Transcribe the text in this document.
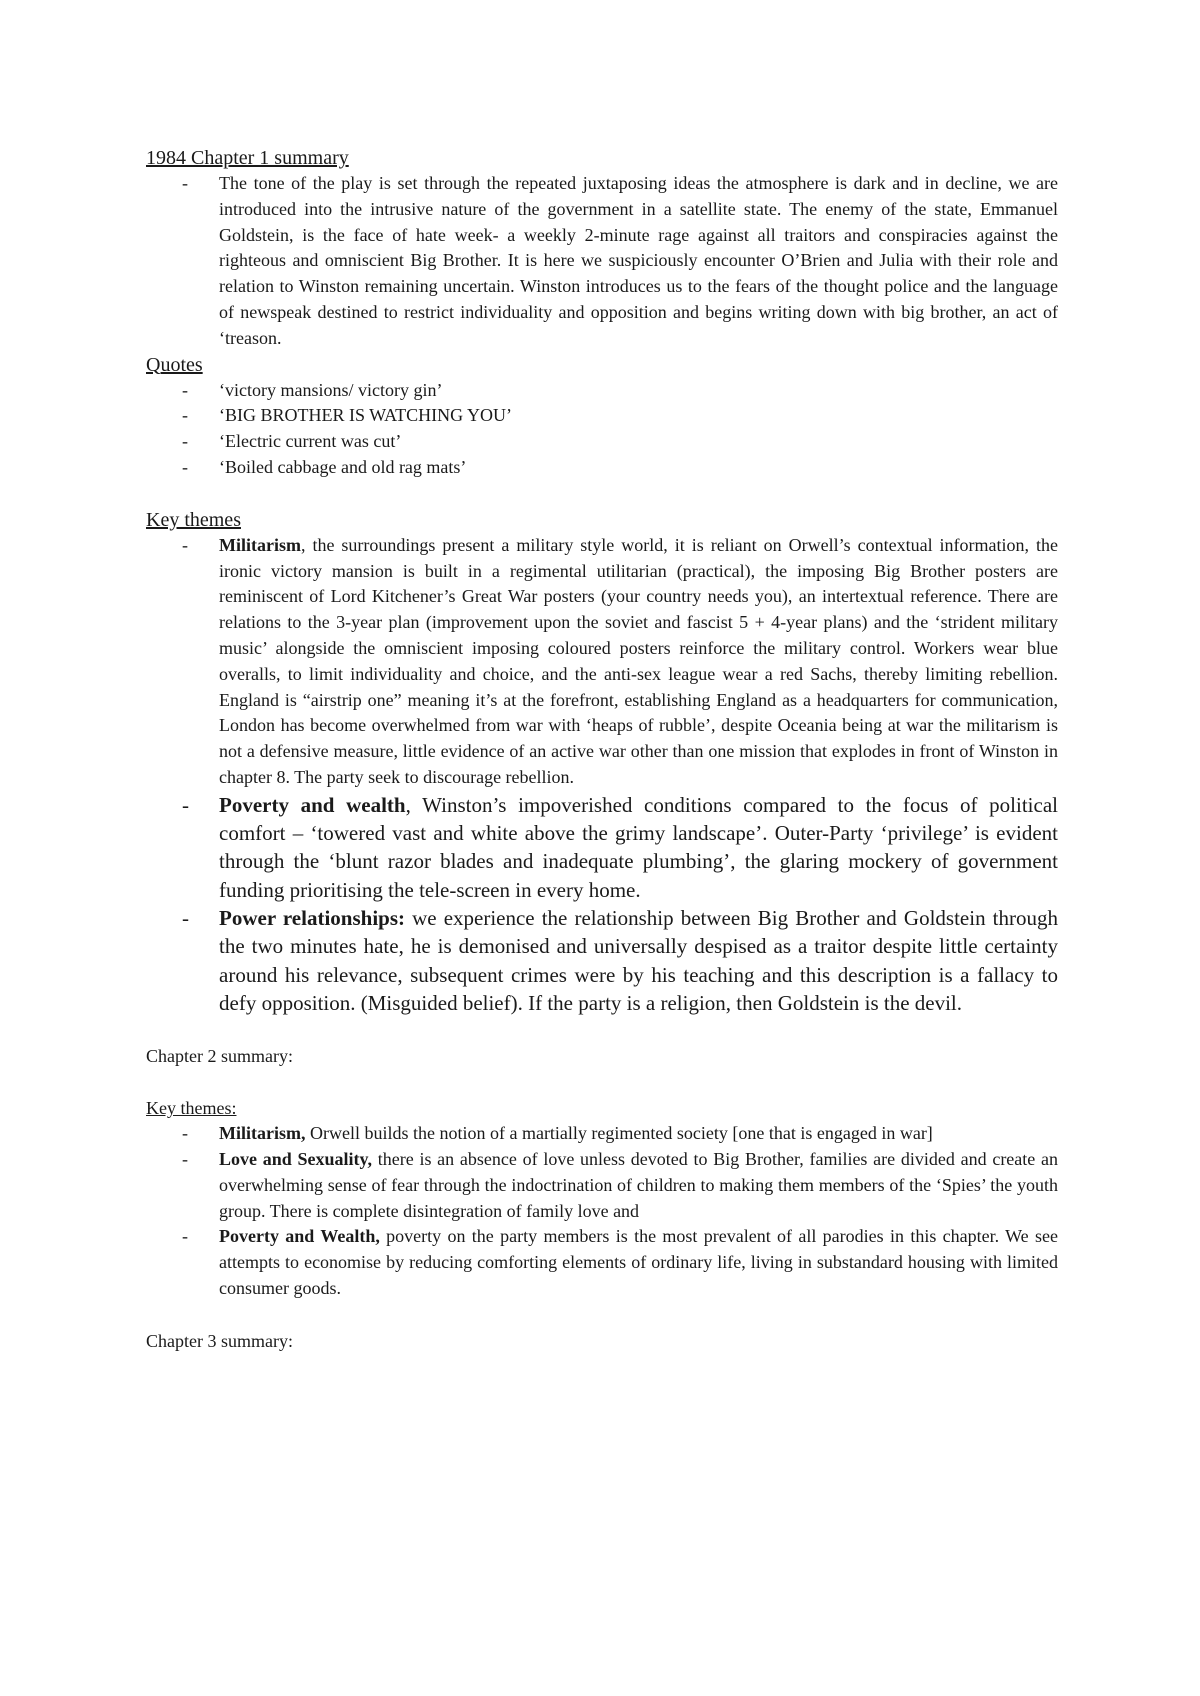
1984 Chapter 1 summary
- The tone of the play is set through the repeated juxtaposing ideas the atmosphere is dark and in decline, we are introduced into the intrusive nature of the government in a satellite state. The enemy of the state, Emmanuel Goldstein, is the face of hate week- a weekly 2-minute rage against all traitors and conspiracies against the righteous and omniscient Big Brother. It is here we suspiciously encounter O’Brien and Julia with their role and relation to Winston remaining uncertain. Winston introduces us to the fears of the thought police and the language of newspeak destined to restrict individuality and opposition and begins writing down with big brother, an act of ‘treason.
Quotes
- ‘victory mansions/ victory gin’
- ‘BIG BROTHER IS WATCHING YOU’
- ‘Electric current was cut’
- ‘Boiled cabbage and old rag mats’
Key themes
- Militarism, the surroundings present a military style world, it is reliant on Orwell’s contextual information, the ironic victory mansion is built in a regimental utilitarian (practical), the imposing Big Brother posters are reminiscent of Lord Kitchener’s Great War posters (your country needs you), an intertextual reference. There are relations to the 3-year plan (improvement upon the soviet and fascist 5 + 4-year plans) and the ‘strident military music’ alongside the omniscient imposing coloured posters reinforce the military control. Workers wear blue overalls, to limit individuality and choice, and the anti-sex league wear a red Sachs, thereby limiting rebellion. England is “airstrip one” meaning it’s at the forefront, establishing England as a headquarters for communication, London has become overwhelmed from war with ‘heaps of rubble’, despite Oceania being at war the militarism is not a defensive measure, little evidence of an active war other than one mission that explodes in front of Winston in chapter 8. The party seek to discourage rebellion.
- Poverty and wealth, Winston’s impoverished conditions compared to the focus of political comfort – ‘towered vast and white above the grimy landscape’. Outer-Party ‘privilege’ is evident through the ‘blunt razor blades and inadequate plumbing’, the glaring mockery of government funding prioritising the tele-screen in every home.
- Power relationships: we experience the relationship between Big Brother and Goldstein through the two minutes hate, he is demonised and universally despised as a traitor despite little certainty around his relevance, subsequent crimes were by his teaching and this description is a fallacy to defy opposition. (Misguided belief). If the party is a religion, then Goldstein is the devil.
Chapter 2 summary:
Key themes:
- Militarism, Orwell builds the notion of a martially regimented society [one that is engaged in war]
- Love and Sexuality, there is an absence of love unless devoted to Big Brother, families are divided and create an overwhelming sense of fear through the indoctrination of children to making them members of the ‘Spies’ the youth group. There is complete disintegration of family love and
- Poverty and Wealth, poverty on the party members is the most prevalent of all parodies in this chapter. We see attempts to economise by reducing comforting elements of ordinary life, living in substandard housing with limited consumer goods.
Chapter 3 summary:
